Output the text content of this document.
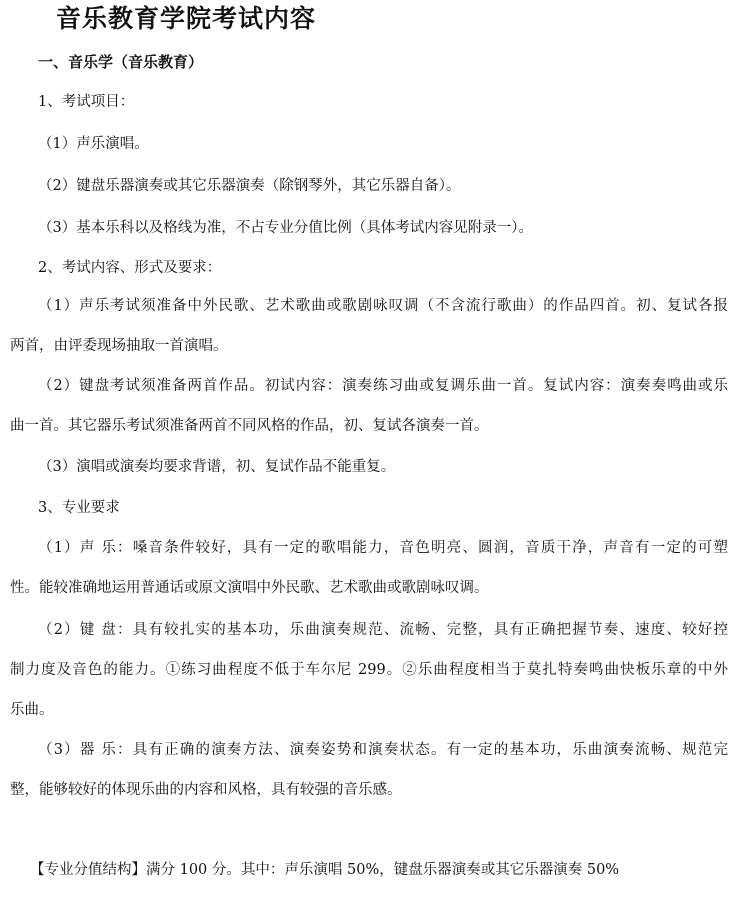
音乐教育学院考试内容
一、音乐学（音乐教育）
1、考试项目：
（1）声乐演唱。
（2）键盘乐器演奏或其它乐器演奏（除钢琴外，其它乐器自备）。
（3）基本乐科以及格线为准，不占专业分值比例（具体考试内容见附录一）。
2、考试内容、形式及要求：
（1）声乐考试须准备中外民歌、艺术歌曲或歌剧咏叹调（不含流行歌曲）的作品四首。初、复试各报
两首，由评委现场抽取一首演唱。
（2）键盘考试须准备两首作品。初试内容：演奏练习曲或复调乐曲一首。复试内容：演奏奏鸣曲或乐
曲一首。其它器乐考试须准备两首不同风格的作品，初、复试各演奏一首。
（3）演唱或演奏均要求背谱，初、复试作品不能重复。
3、专业要求
（1）声 乐：嗓音条件较好，具有一定的歌唱能力，音色明亮、圆润，音质干净，声音有一定的可塑
性。能较准确地运用普通话或原文演唱中外民歌、艺术歌曲或歌剧咏叹调。
（2）键 盘：具有较扎实的基本功，乐曲演奏规范、流畅、完整，具有正确把握节奏、速度、较好控
制力度及音色的能力。①练习曲程度不低于车尔尼 299。②乐曲程度相当于莫扎特奏鸣曲快板乐章的中外
乐曲。
（3）器 乐：具有正确的演奏方法、演奏姿势和演奏状态。有一定的基本功，乐曲演奏流畅、规范完
整，能够较好的体现乐曲的内容和风格，具有较强的音乐感。
【专业分值结构】满分 100 分。其中：声乐演唱 50%，键盘乐器演奏或其它乐器演奏 50%
